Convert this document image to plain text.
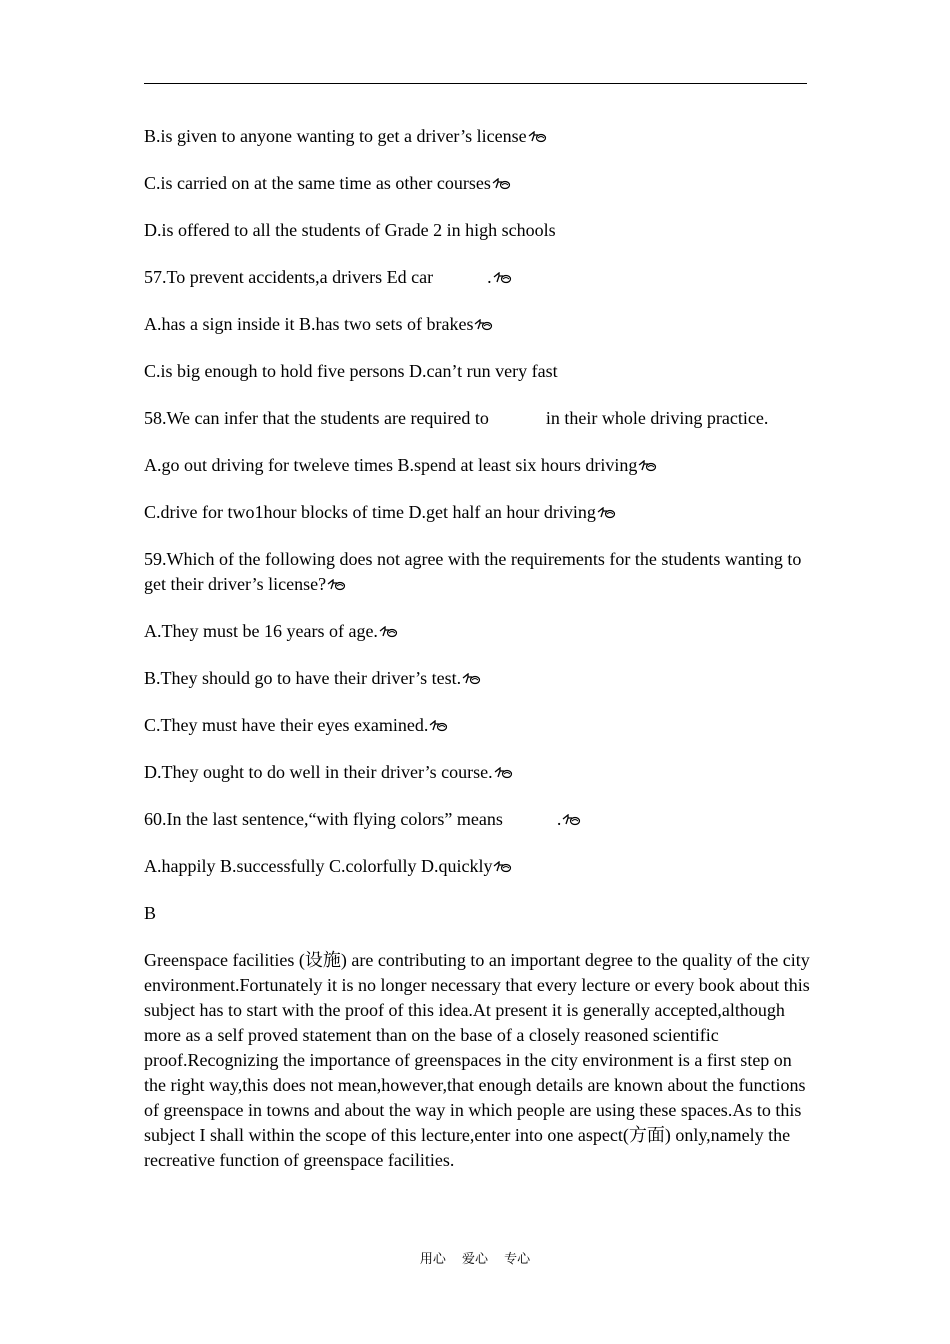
B.is given to anyone wanting to get a driver’s license

C.is carried on at the same time as other courses

D.is offered to all the students of Grade 2 in high schools

57.To prevent accidents,a drivers Ed car	.

A.has a sign inside it B.has two sets of brakes

C.is big enough to hold five persons D.can’t run very fast

58.We can infer that the students are required to	in their whole driving practice.

A.go out driving for tweleve times B.spend at least six hours driving

C.drive for two1hour blocks of time D.get half an hour driving

59.Which of the following does not agree with the requirements for the students wanting to get their driver’s license?

A.They must be 16 years of age.

B.They should go to have their driver’s test.

C.They must have their eyes examined.

D.They ought to do well in their driver’s course.

60.In the last sentence,“with flying colors” means	.

A.happily B.successfully C.colorfully D.quickly

B

Greenspace facilities (设施) are contributing to an important degree to the quality of the city environment.Fortunately it is no longer necessary that every lecture or every book about this subject has to start with the proof of this idea.At present it is generally accepted,although more as a self proved statement than on the base of a closely reasoned scientific proof.Recognizing the importance of greenspaces in the city environment is a first step on the right way,this does not mean,however,that enough details are known about the functions of greenspace in towns and about the way in which people are using these spaces.As to this subject I shall within the scope of this lecture,enter into one aspect(方面) only,namely the recreative function of greenspace facilities.

用心 爱心 专心
